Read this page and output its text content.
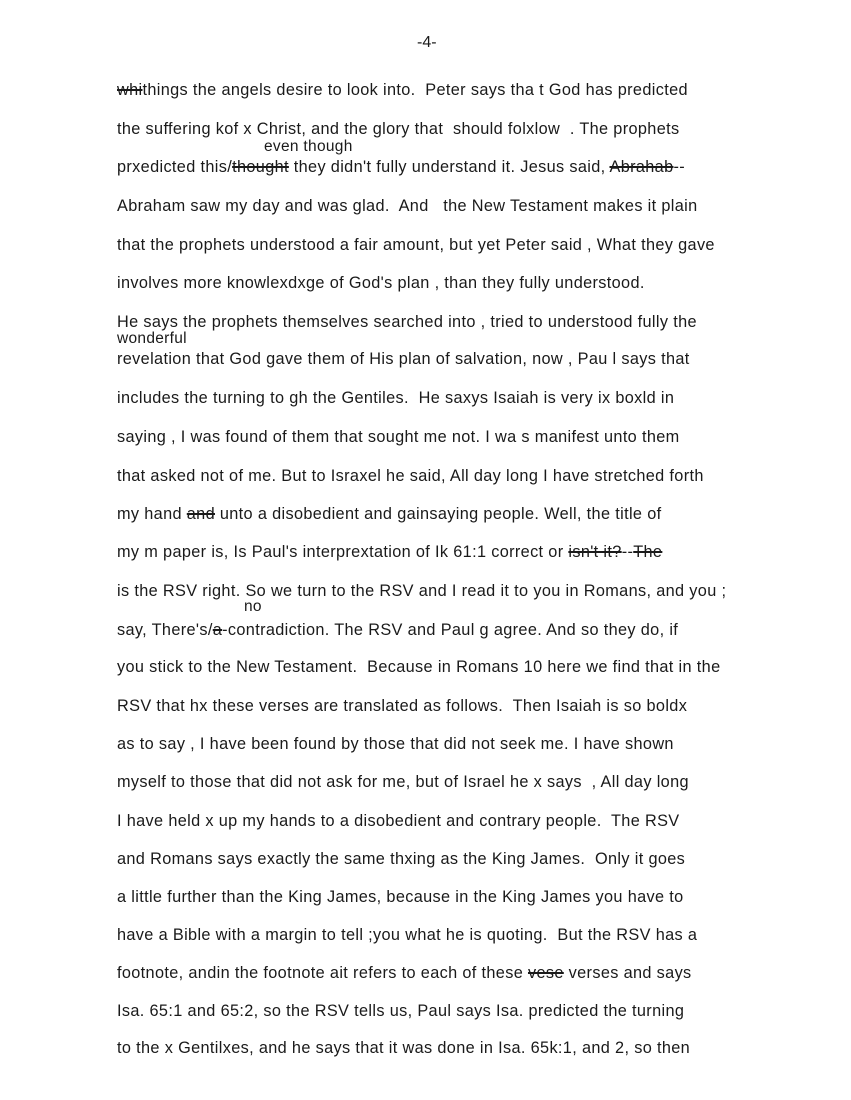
-4-
whithings the angels desire to look into.  Peter says tha t God has predicted
the suffering kof x Christ, and the glory that  should folxlow  . The prophets
prxedicted this/thought they didn't fully understand it. Jesus said, Abrahab--
Abraham saw my day and was glad.  And   the New Testament makes it plain
that the prophets understood a fair amount, but yet Peter said , What they gave
involves more knowlexdxge of God's plan , than they fully understood.
He says the prophets themselves searched into , tried to understood fully the
revelation that God gave them of His plan of salvation, now , Pau l says that
includes the turning to gh the Gentiles.  He saxys Isaiah is very ix boxld in
saying , I was found of them that sought me not. I wa s manifest unto them
that asked not of me. But to Israxel he said, All day long I have stretched forth
my hand and unto a disobedient and gainsaying people. Well, the title of
my m paper is, Is Paul's interprextation of Ik 61:1 correct or isn't it?--The
is the RSV right. So we turn to the RSV and I read it to you in Romans, and you ;
say, There's/a-contradiction. The RSV and Paul g agree. And so they do, if
you stick to the New Testament.  Because in Romans 10 here we find that in the
RSV that hx these verses are translated as follows.  Then Isaiah is so boldx
as to say , I have been found by those that did not seek me. I have shown
myself to those that did not ask for me, but of Israel he x says  , All day long
I have held x up my hands to a disobedient and contrary people.  The RSV
and Romans says exactly the same thxing as the King James.  Only it goes
a little further than the King James, because in the King James you have to
have a Bible with a margin to tell ;you what he is quoting.  But the RSV has a
footnote, andin the footnote ait refers to each of these vese verses and says
Isa. 65:1 and 65:2, so the RSV tells us, Paul says Isa. predicted the turning
to the x Gentilxes, and he says that it was done in Isa. 65k:1, and 2, so then
even though
wonderful
no
